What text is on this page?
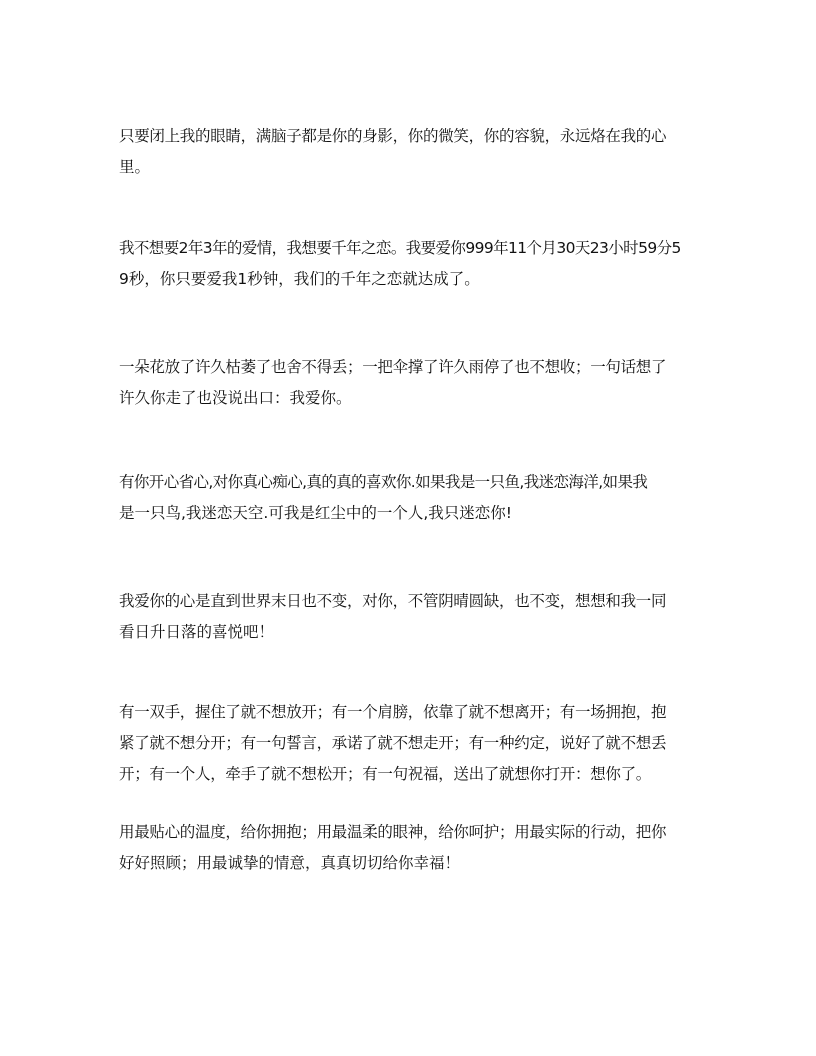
只要闭上我的眼睛，满脑子都是你的身影，你的微笑，你的容貌，永远烙在我的心
里。
我不想要2年3年的爱情，我想要千年之恋。我要爱你999年11个月30天23小时59分5
9秒，你只要爱我1秒钟，我们的千年之恋就达成了。
一朵花放了许久枯萎了也舍不得丢；一把伞撑了许久雨停了也不想收；一句话想了
许久你走了也没说出口：我爱你。
有你开心省心,对你真心痴心,真的真的喜欢你.如果我是一只鱼,我迷恋海洋,如果我
是一只鸟,我迷恋天空.可我是红尘中的一个人,我只迷恋你!
我爱你的心是直到世界末日也不变，对你，不管阴晴圆缺，也不变，想想和我一同
看日升日落的喜悦吧！
有一双手，握住了就不想放开；有一个肩膀，依靠了就不想离开；有一场拥抱，抱
紧了就不想分开；有一句誓言，承诺了就不想走开；有一种约定，说好了就不想丢
开；有一个人，牵手了就不想松开；有一句祝福，送出了就想你打开：想你了。
用最贴心的温度，给你拥抱；用最温柔的眼神，给你呵护；用最实际的行动，把你
好好照顾；用最诚挚的情意，真真切切给你幸福！
